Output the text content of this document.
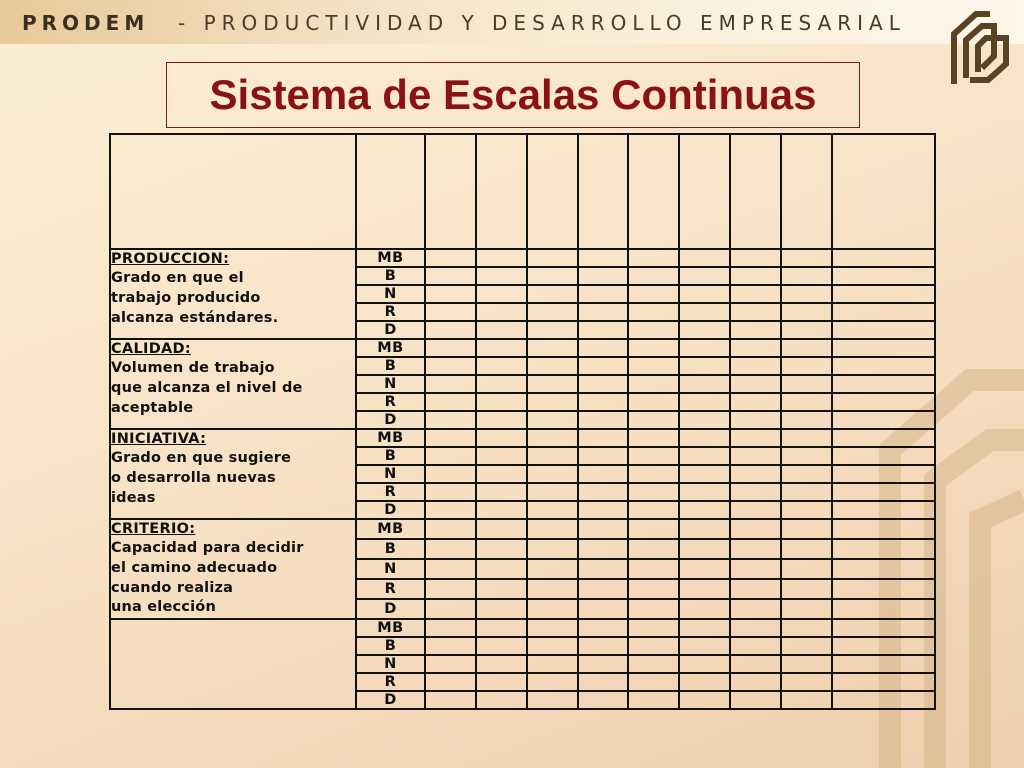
PRODEM - PRODUCTIVIDAD Y DESARROLLO EMPRESARIAL
Sistema de Escalas Continuas

PRODUCCION:
Grado en que el
trabajo producido
alcanza estándares.	MB									
	B									
	N									
	R									
	D									

CALIDAD:
Volumen de trabajo
que alcanza el nivel de
aceptable	MB									
	B									
	N									
	R									
	D									

INICIATIVA:
Grado en que sugiere
o desarrolla nuevas
ideas	MB									
	B									
	N									
	R									
	D									

CRITERIO:
Capacidad para decidir
el camino adecuado
cuando realiza
una elección	MB									
	B									
	N									
	R									
	D									

	MB									
	B									
	N									
	R									
	D									
